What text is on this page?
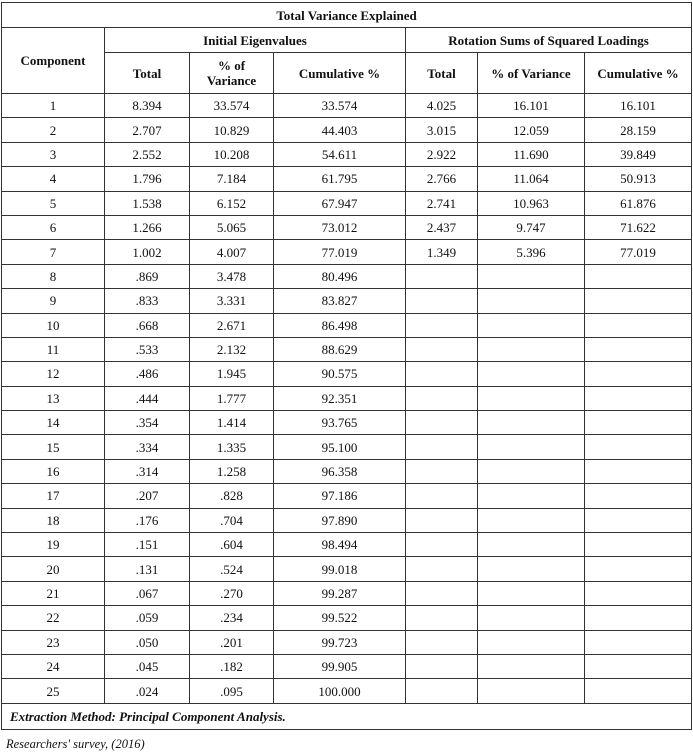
Total Variance Explained						
Component	Initial Eigenvalues			Rotation Sums of Squared Loadings		
	Total	% of Variance	Cumulative %	Total	% of Variance	Cumulative %
1	8.394	33.574	33.574	4.025	16.101	16.101
2	2.707	10.829	44.403	3.015	12.059	28.159
3	2.552	10.208	54.611	2.922	11.690	39.849
4	1.796	7.184	61.795	2.766	11.064	50.913
5	1.538	6.152	67.947	2.741	10.963	61.876
6	1.266	5.065	73.012	2.437	9.747	71.622
7	1.002	4.007	77.019	1.349	5.396	77.019
8	.869	3.478	80.496			
9	.833	3.331	83.827			
10	.668	2.671	86.498			
11	.533	2.132	88.629			
12	.486	1.945	90.575			
13	.444	1.777	92.351			
14	.354	1.414	93.765			
15	.334	1.335	95.100			
16	.314	1.258	96.358			
17	.207	.828	97.186			
18	.176	.704	97.890			
19	.151	.604	98.494			
20	.131	.524	99.018			
21	.067	.270	99.287			
22	.059	.234	99.522			
23	.050	.201	99.723			
24	.045	.182	99.905			
25	.024	.095	100.000			
Extraction Method: Principal Component Analysis.						
Researchers' survey, (2016)
